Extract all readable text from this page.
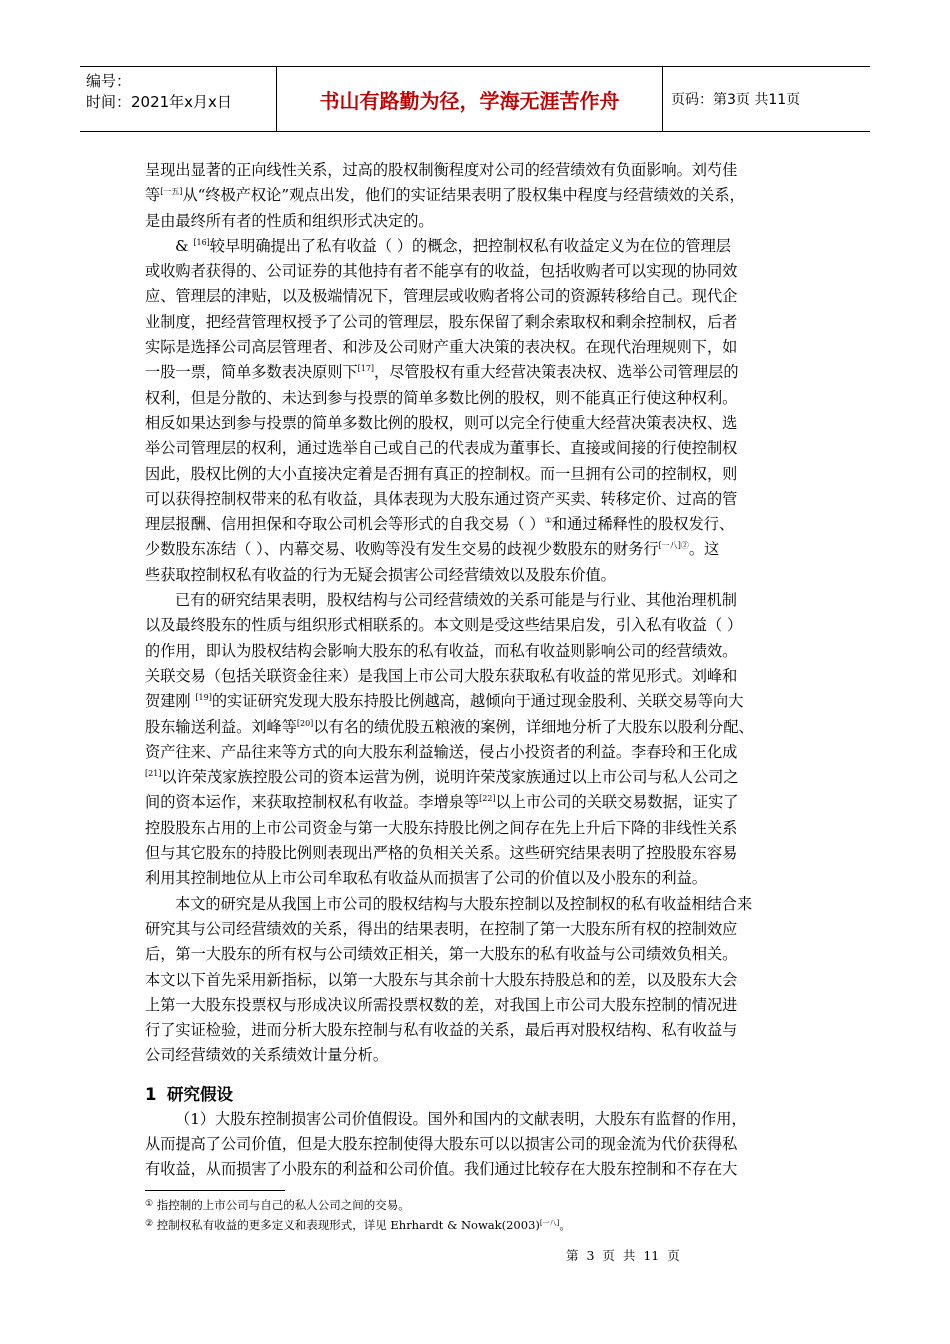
编号：
时间：2021年x月x日	书山有路勤为径，学海无涯苦作舟	页码：第3页 共11页

呈现出显著的正向线性关系，过高的股权制衡程度对公司的经营绩效有负面影响。刘芍佳

等[一五]从“终极产权论”观点出发，他们的实证结果表明了股权集中程度与经营绩效的关系，

是由最终所有者的性质和组织形式决定的。

& [16]较早明确提出了私有收益（ ）的概念，把控制权私有收益定义为在位的管理层

或收购者获得的、公司证券的其他持有者不能享有的收益，包括收购者可以实现的协同效

应、管理层的津贴，以及极端情况下，管理层或收购者将公司的资源转移给自己。现代企

业制度，把经营管理权授予了公司的管理层，股东保留了剩余索取权和剩余控制权，后者

实际是选择公司高层管理者、和涉及公司财产重大决策的表决权。在现代治理规则下，如

一股一票，简单多数表决原则下[17]，尽管股权有重大经营决策表决权、选举公司管理层的

权利，但是分散的、未达到参与投票的简单多数比例的股权，则不能真正行使这种权利。

相反如果达到参与投票的简单多数比例的股权，则可以完全行使重大经营决策表决权、选

举公司管理层的权利，通过选举自己或自己的代表成为董事长、直接或间接的行使控制权

因此，股权比例的大小直接决定着是否拥有真正的控制权。而一旦拥有公司的控制权，则

可以获得控制权带来的私有收益，具体表现为大股东通过资产买卖、转移定价、过高的管

理层报酬、信用担保和夺取公司机会等形式的自我交易（ ）①和通过稀释性的股权发行、

少数股东冻结（ ）、内幕交易、收购等没有发生交易的歧视少数股东的财务行$^{[一八]②}$。这

些获取控制权私有收益的行为无疑会损害公司经营绩效以及股东价值。

已有的研究结果表明，股权结构与公司经营绩效的关系可能是与行业、其他治理机制

以及最终股东的性质与组织形式相联系的。本文则是受这些结果启发，引入私有收益（ ）

的作用，即认为股权结构会影响大股东的私有收益，而私有收益则影响公司的经营绩效。

关联交易（包括关联资金往来）是我国上市公司大股东获取私有收益的常见形式。刘峰和

贺建刚 [19]的实证研究发现大股东持股比例越高，越倾向于通过现金股利、关联交易等向大

股东输送利益。刘峰等[20]以有名的绩优股五粮液的案例，详细地分析了大股东以股利分配、

资产往来、产品往来等方式的向大股东利益输送，侵占小投资者的利益。李春玲和王化成

[21]以许荣茂家族控股公司的资本运营为例，说明许荣茂家族通过以上市公司与私人公司之

间的资本运作，来获取控制权私有收益。李增泉等[22]以上市公司的关联交易数据，证实了

控股股东占用的上市公司资金与第一大股东持股比例之间存在先上升后下降的非线性关系

但与其它股东的持股比例则表现出严格的负相关关系。这些研究结果表明了控股股东容易

利用其控制地位从上市公司牟取私有收益从而损害了公司的价值以及小股东的利益。

本文的研究是从我国上市公司的股权结构与大股东控制以及控制权的私有收益相结合来

研究其与公司经营绩效的关系，得出的结果表明，在控制了第一大股东所有权的控制效应

后，第一大股东的所有权与公司绩效正相关，第一大股东的私有收益与公司绩效负相关。

本文以下首先采用新指标，以第一大股东与其余前十大股东持股总和的差，以及股东大会

上第一大股东投票权与形成决议所需投票权数的差，对我国上市公司大股东控制的情况进

行了实证检验，进而分析大股东控制与私有收益的关系，最后再对股权结构、私有收益与

公司经营绩效的关系绩效计量分析。

1 研究假设

（1）大股东控制损害公司价值假设。国外和国内的文献表明，大股东有监督的作用，

从而提高了公司价值，但是大股东控制使得大股东可以以损害公司的现金流为代价获得私

有收益，从而损害了小股东的利益和公司价值。我们通过比较存在大股东控制和不存在大

① 指控制的上市公司与自己的私人公司之间的交易。
② 控制权私有收益的更多定义和表现形式，详见 Ehrhardt & Nowak(2003)[一八]。
第 3 页 共 11 页
